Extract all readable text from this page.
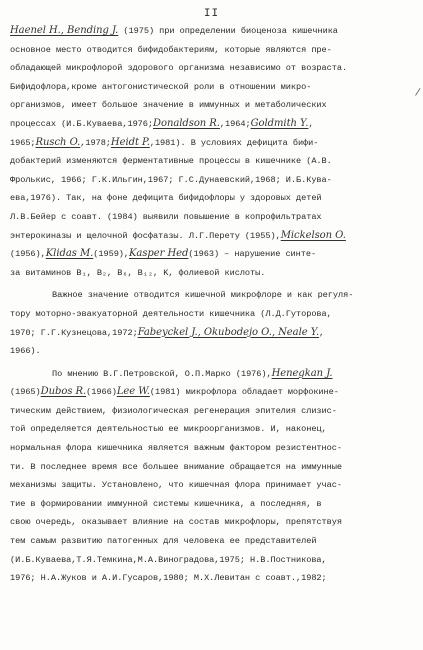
II
/
Haenel H., Bending J. (1975) при определении биоценоза кишечника
основное место отводится бифидобактериям, которые являются пре-
обладающей микрофлорой здорового организма независимо от возраста.
Бифидофлора,кроме антогонистической роли в отношении микро-
организмов, имеет большое значение в иммунных и метаболических
процессах (И.Б.Куваева,1976;Donaldson R.,1964;Goldmith Y.,
1965;Rusch O.,1978;Heidt P.,1981). В условиях дефицита бифи-
добактерий изменяются ферментативные процессы в кишечнике (А.В.
Фролькис, 1966; Г.К.Ильгин,1967; Г.С.Дунаевский,1968; И.Б.Кува-
ева,1976). Так, на фоне дефицита бифидофлоры у здоровых детей
Л.В.Бейер с соавт. (1984) выявили повышение в копрофильтратах
энтерокиназы и щелочной фосфатазы. Л.Г.Перету (1955),Mickelson O.
(1956),Klidas M.(1959),Kasper Hed(1963) – нарушение синте-
за витаминов B₁, B₂, B₆, B₁₂, K, фолиевой кислоты.
Важное значение отводится кишечной микрофлоре и как регуля-
тору моторно-эвакуаторной деятельности кишечника (Л.Д.Гуторова,
1970; Г.Г.Кузнецова,1972;Fabeyckel J., Okubodejo O., Neale Y.,
1966).
По мнению В.Г.Петровской, О.П.Марко (1976),Henegkan J.
(1965)Dubos R.(1966)Lee W.(1981) микрофлора обладает морфокине-
тическим действием, физиологическая регенерация эпителия слизис-
той определяется деятельностью ее микроорганизмов. И, наконец,
нормальная флора кишечника является важным фактором резистентнос-
ти. В последнее время все большее внимание обращается на иммунные
механизмы защиты. Установлено, что кишечная флора принимает учас-
тие в формировании иммунной системы кишечника, а последняя, в
свою очередь, оказывает влияние на состав микрофлоры, препятствуя
тем самым развитию патогенных для человека ее представителей
(И.Б.Куваева,Т.Я.Темкина,М.А.Виноградова,1975; Н.В.Постникова,
1976; Н.А.Жуков и А.И.Гусаров,1980; М.Х.Левитан с соавт.,1982;
